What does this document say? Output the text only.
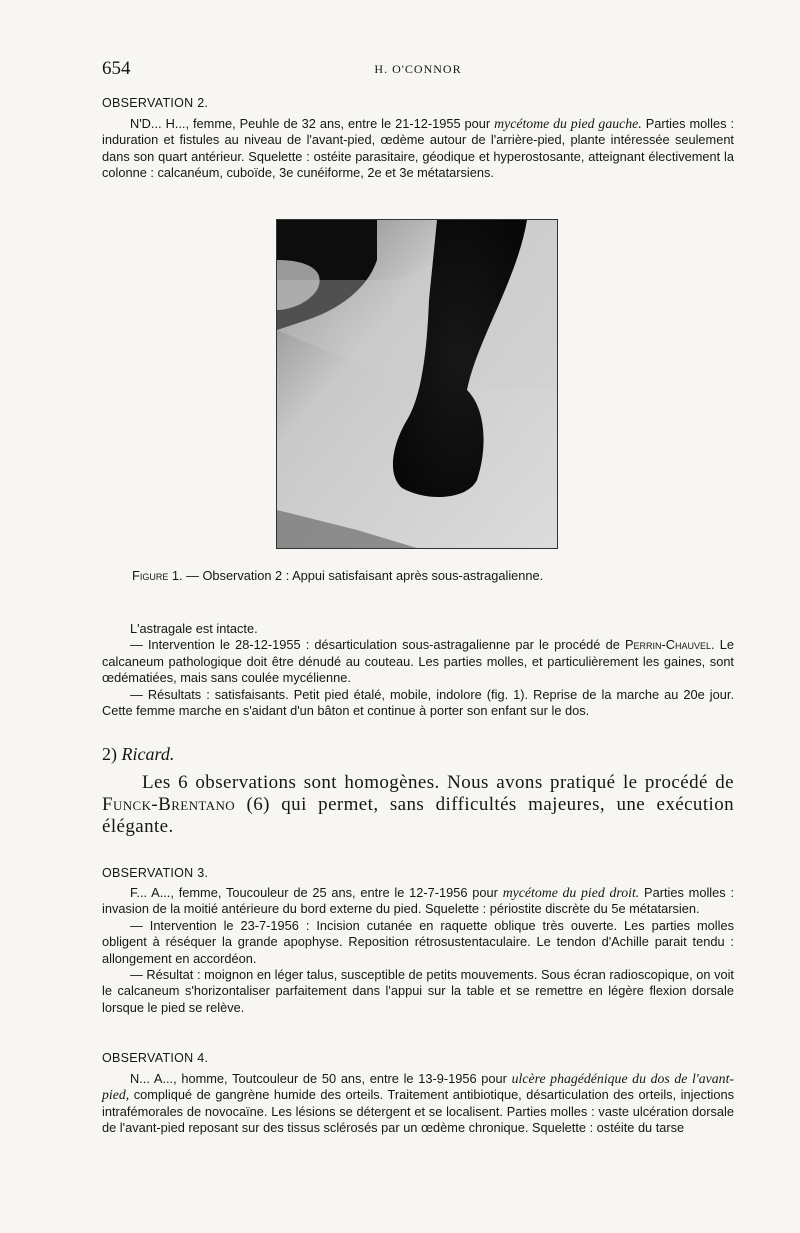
654	H. O'CONNOR
OBSERVATION 2.

N'D... H..., femme, Peuhle de 32 ans, entre le 21-12-1955 pour mycétome du pied gauche. Parties molles : induration et fistules au niveau de l'avant-pied, œdème autour de l'arrière-pied, plante intéressée seulement dans son quart antérieur. Squelette : ostéite parasitaire, géodique et hyperostosante, atteignant électivement la colonne : calcanéum, cuboïde, 3e cunéiforme, 2e et 3e métatarsiens.

Figure 1. — Observation 2 : Appui satisfaisant après sous-astragalienne.

L'astragale est intacte.

— Intervention le 28-12-1955 : désarticulation sous-astragalienne par le procédé de Perrin-Chauvel. Le calcaneum pathologique doit être dénudé au couteau. Les parties molles, et particulièrement les gaines, sont œdématiées, mais sans coulée mycélienne.

— Résultats : satisfaisants. Petit pied étalé, mobile, indolore (fig. 1). Reprise de la marche au 20e jour. Cette femme marche en s'aidant d'un bâton et continue à porter son enfant sur le dos.

2) Ricard.

Les 6 observations sont homogènes. Nous avons pratiqué le procédé de Funck-Brentano (6) qui permet, sans difficultés majeures, une exécution élégante.

OBSERVATION 3.

F... A..., femme, Toucouleur de 25 ans, entre le 12-7-1956 pour mycétome du pied droit. Parties molles : invasion de la moitié antérieure du bord externe du pied. Squelette : périostite discrète du 5e métatarsien.

— Intervention le 23-7-1956 : Incision cutanée en raquette oblique très ouverte. Les parties molles obligent à réséquer la grande apophyse. Reposition rétrosustentaculaire. Le tendon d'Achille parait tendu : allongement en accordéon.

— Résultat : moignon en léger talus, susceptible de petits mouvements. Sous écran radioscopique, on voit le calcaneum s'horizontaliser parfaitement dans l'appui sur la table et se remettre en légère flexion dorsale lorsque le pied se relève.

OBSERVATION 4.

N... A..., homme, Toutcouleur de 50 ans, entre le 13-9-1956 pour ulcère phagédénique du dos de l'avant-pied, compliqué de gangrène humide des orteils. Traitement antibiotique, désarticulation des orteils, injections intrafémorales de novocaïne. Les lésions se détergent et se localisent. Parties molles : vaste ulcération dorsale de l'avant-pied reposant sur des tissus sclérosés par un œdème chronique. Squelette : ostéite du tarse
